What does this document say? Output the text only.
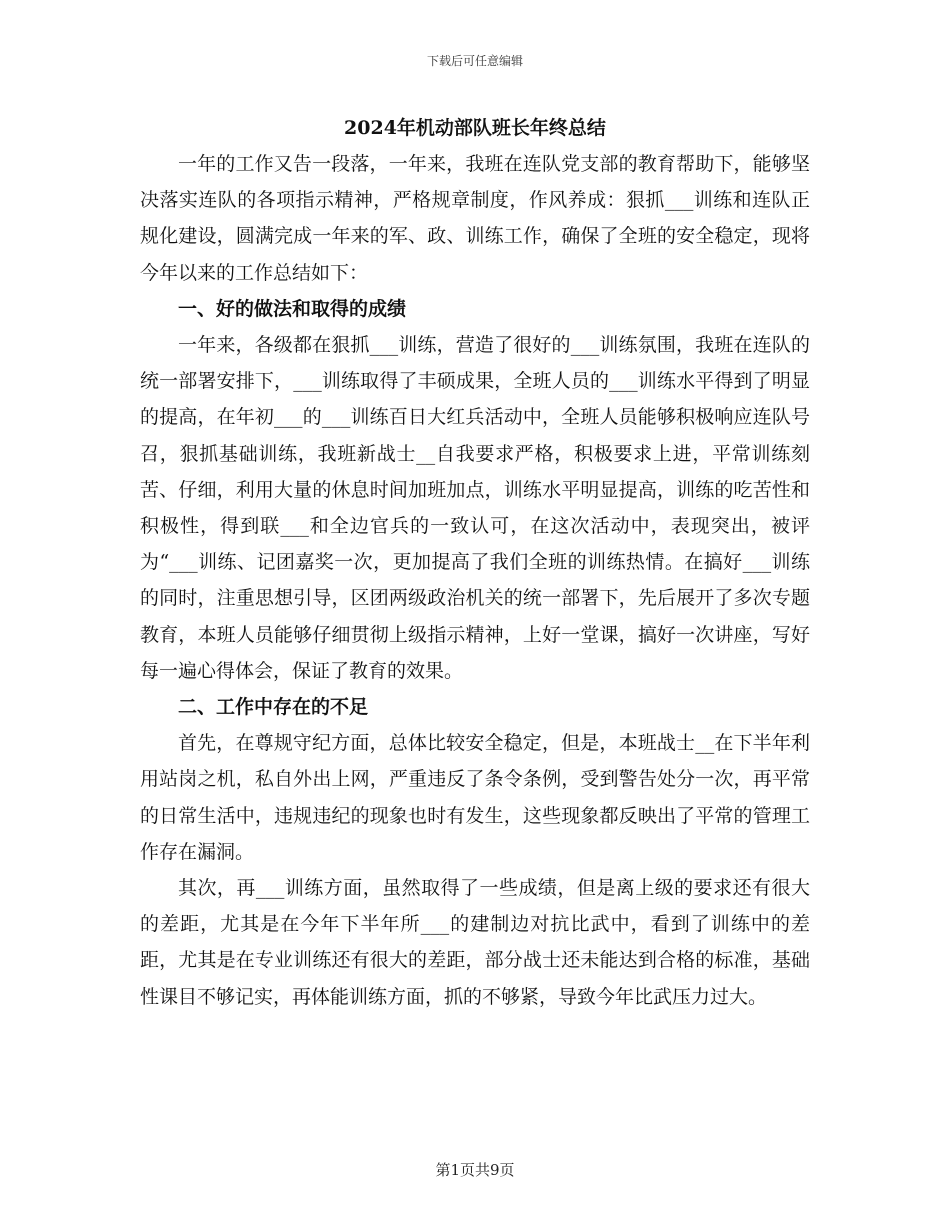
下载后可任意编辑
2024年机动部队班长年终总结

一年的工作又告一段落，一年来，我班在连队党支部的教育帮助下，能够坚决落实连队的各项指示精神，严格规章制度，作风养成：狠抓___训练和连队正规化建设，圆满完成一年来的军、政、训练工作，确保了全班的安全稳定，现将今年以来的工作总结如下：

一、好的做法和取得的成绩

一年来，各级都在狠抓___训练，营造了很好的___训练氛围，我班在连队的统一部署安排下，___训练取得了丰硕成果，全班人员的___训练水平得到了明显的提高，在年初___的___训练百日大红兵活动中，全班人员能够积极响应连队号召，狠抓基础训练，我班新战士__自我要求严格，积极要求上进，平常训练刻苦、仔细，利用大量的休息时间加班加点，训练水平明显提高，训练的吃苦性和积极性，得到联___和全边官兵的一致认可，在这次活动中，表现突出，被评为“___训练、记团嘉奖一次，更加提高了我们全班的训练热情。在搞好___训练的同时，注重思想引导，区团两级政治机关的统一部署下，先后展开了多次专题教育，本班人员能够仔细贯彻上级指示精神，上好一堂课，搞好一次讲座，写好每一遍心得体会，保证了教育的效果。

二、工作中存在的不足

首先，在尊规守纪方面，总体比较安全稳定，但是，本班战士__在下半年利用站岗之机，私自外出上网，严重违反了条令条例，受到警告处分一次，再平常的日常生活中，违规违纪的现象也时有发生，这些现象都反映出了平常的管理工作存在漏洞。

其次，再___训练方面，虽然取得了一些成绩，但是离上级的要求还有很大的差距，尤其是在今年下半年所___的建制边对抗比武中，看到了训练中的差距，尤其是在专业训练还有很大的差距，部分战士还未能达到合格的标准，基础性课目不够记实，再体能训练方面，抓的不够紧，导致今年比武压力过大。

第1页共9页
